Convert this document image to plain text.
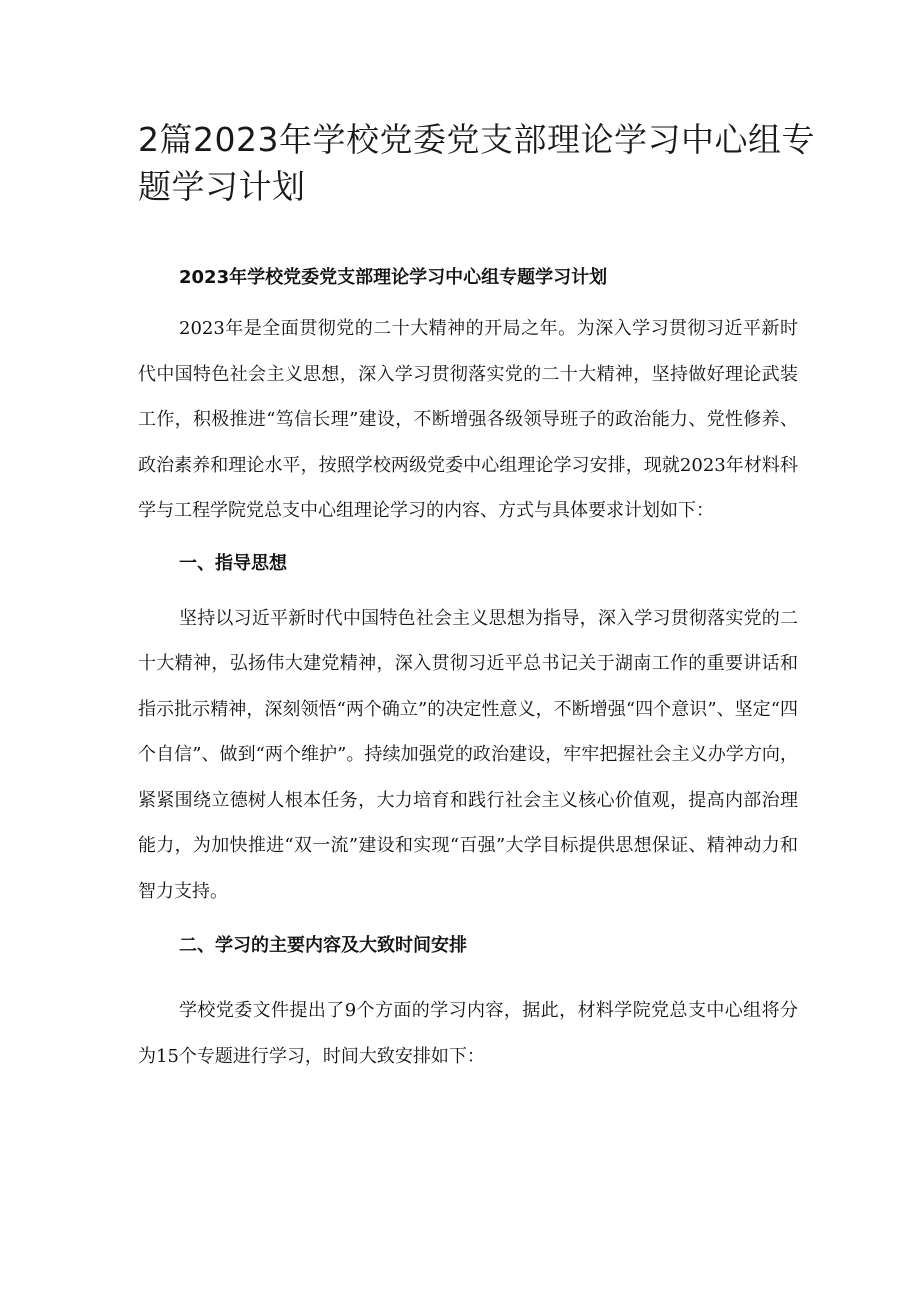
2篇2023年学校党委党支部理论学习中心组专题学习计划

2023年学校党委党支部理论学习中心组专题学习计划

2023年是全面贯彻党的二十大精神的开局之年。为深入学习贯彻习近平新时代中国特色社会主义思想，深入学习贯彻落实党的二十大精神，坚持做好理论武装工作，积极推进“笃信长理”建设，不断增强各级领导班子的政治能力、党性修养、政治素养和理论水平，按照学校两级党委中心组理论学习安排，现就2023年材料科学与工程学院党总支中心组理论学习的内容、方式与具体要求计划如下：

一、指导思想

坚持以习近平新时代中国特色社会主义思想为指导，深入学习贯彻落实党的二十大精神，弘扬伟大建党精神，深入贯彻习近平总书记关于湖南工作的重要讲话和指示批示精神，深刻领悟“两个确立”的决定性意义，不断增强“四个意识”、坚定“四个自信”、做到“两个维护”。持续加强党的政治建设，牢牢把握社会主义办学方向，紧紧围绕立德树人根本任务，大力培育和践行社会主义核心价值观，提高内部治理能力，为加快推进“双一流”建设和实现“百强”大学目标提供思想保证、精神动力和智力支持。

二、学习的主要内容及大致时间安排

学校党委文件提出了9个方面的学习内容，据此，材料学院党总支中心组将分为15个专题进行学习，时间大致安排如下：
